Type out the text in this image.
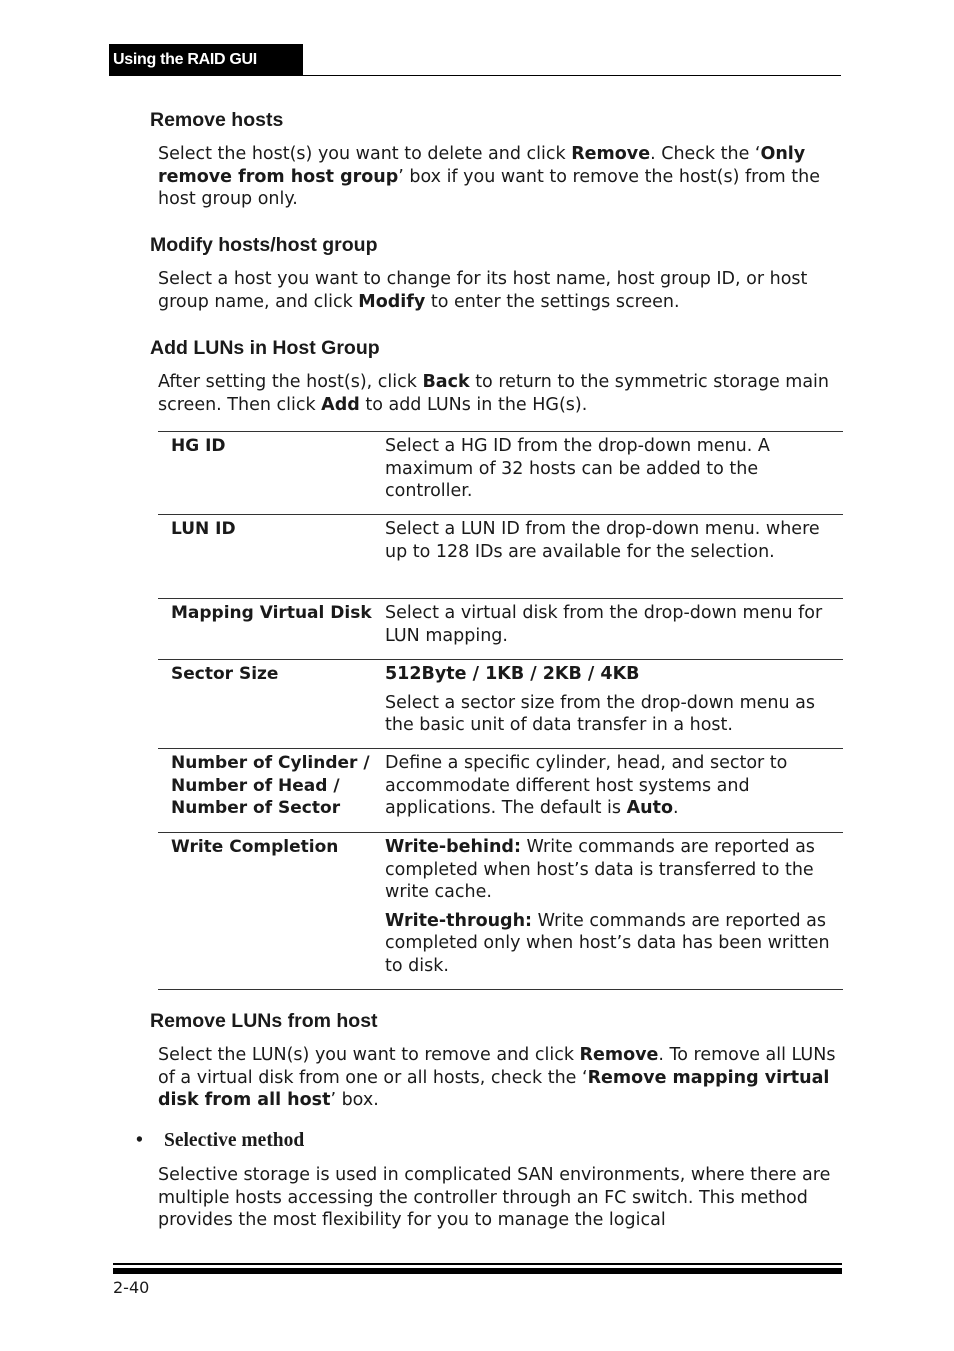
Using the RAID GUI
Remove hosts

Select the host(s) you want to delete and click Remove. Check the ‘Only remove from host group’ box if you want to remove the host(s) from the host group only.

Modify hosts/host group

Select a host you want to change for its host name, host group ID, or host group name, and click Modify to enter the settings screen.

Add LUNs in Host Group

After setting the host(s), click Back to return to the symmetric storage main screen. Then click Add to add LUNs in the HG(s).

HG ID	Select a HG ID from the drop-down menu. A maximum of 32 hosts can be added to the controller.
LUN ID	Select a LUN ID from the drop-down menu. where up to 128 IDs are available for the selection.
Mapping Virtual Disk	Select a virtual disk from the drop-down menu for LUN mapping.
Sector Size	512Byte / 1KB / 2KB / 4KB
Select a sector size from the drop-down menu as the basic unit of data transfer in a host.

Number of Cylinder /
Number of Head /
Number of Sector	Define a specific cylinder, head, and sector to accommodate different host systems and applications. The default is Auto.
Write Completion	Write-behind: Write commands are reported as completed when host’s data is transferred to the write cache.
Write-through: Write commands are reported as completed only when host’s data has been written to disk.
Remove LUNs from host

Select the LUN(s) you want to remove and click Remove. To remove all LUNs of a virtual disk from one or all hosts, check the ‘Remove mapping virtual disk from all host’ box.

• Selective method

Selective storage is used in complicated SAN environments, where there are multiple hosts accessing the controller through an FC switch. This method provides the most flexibility for you to manage the logical

2-40
